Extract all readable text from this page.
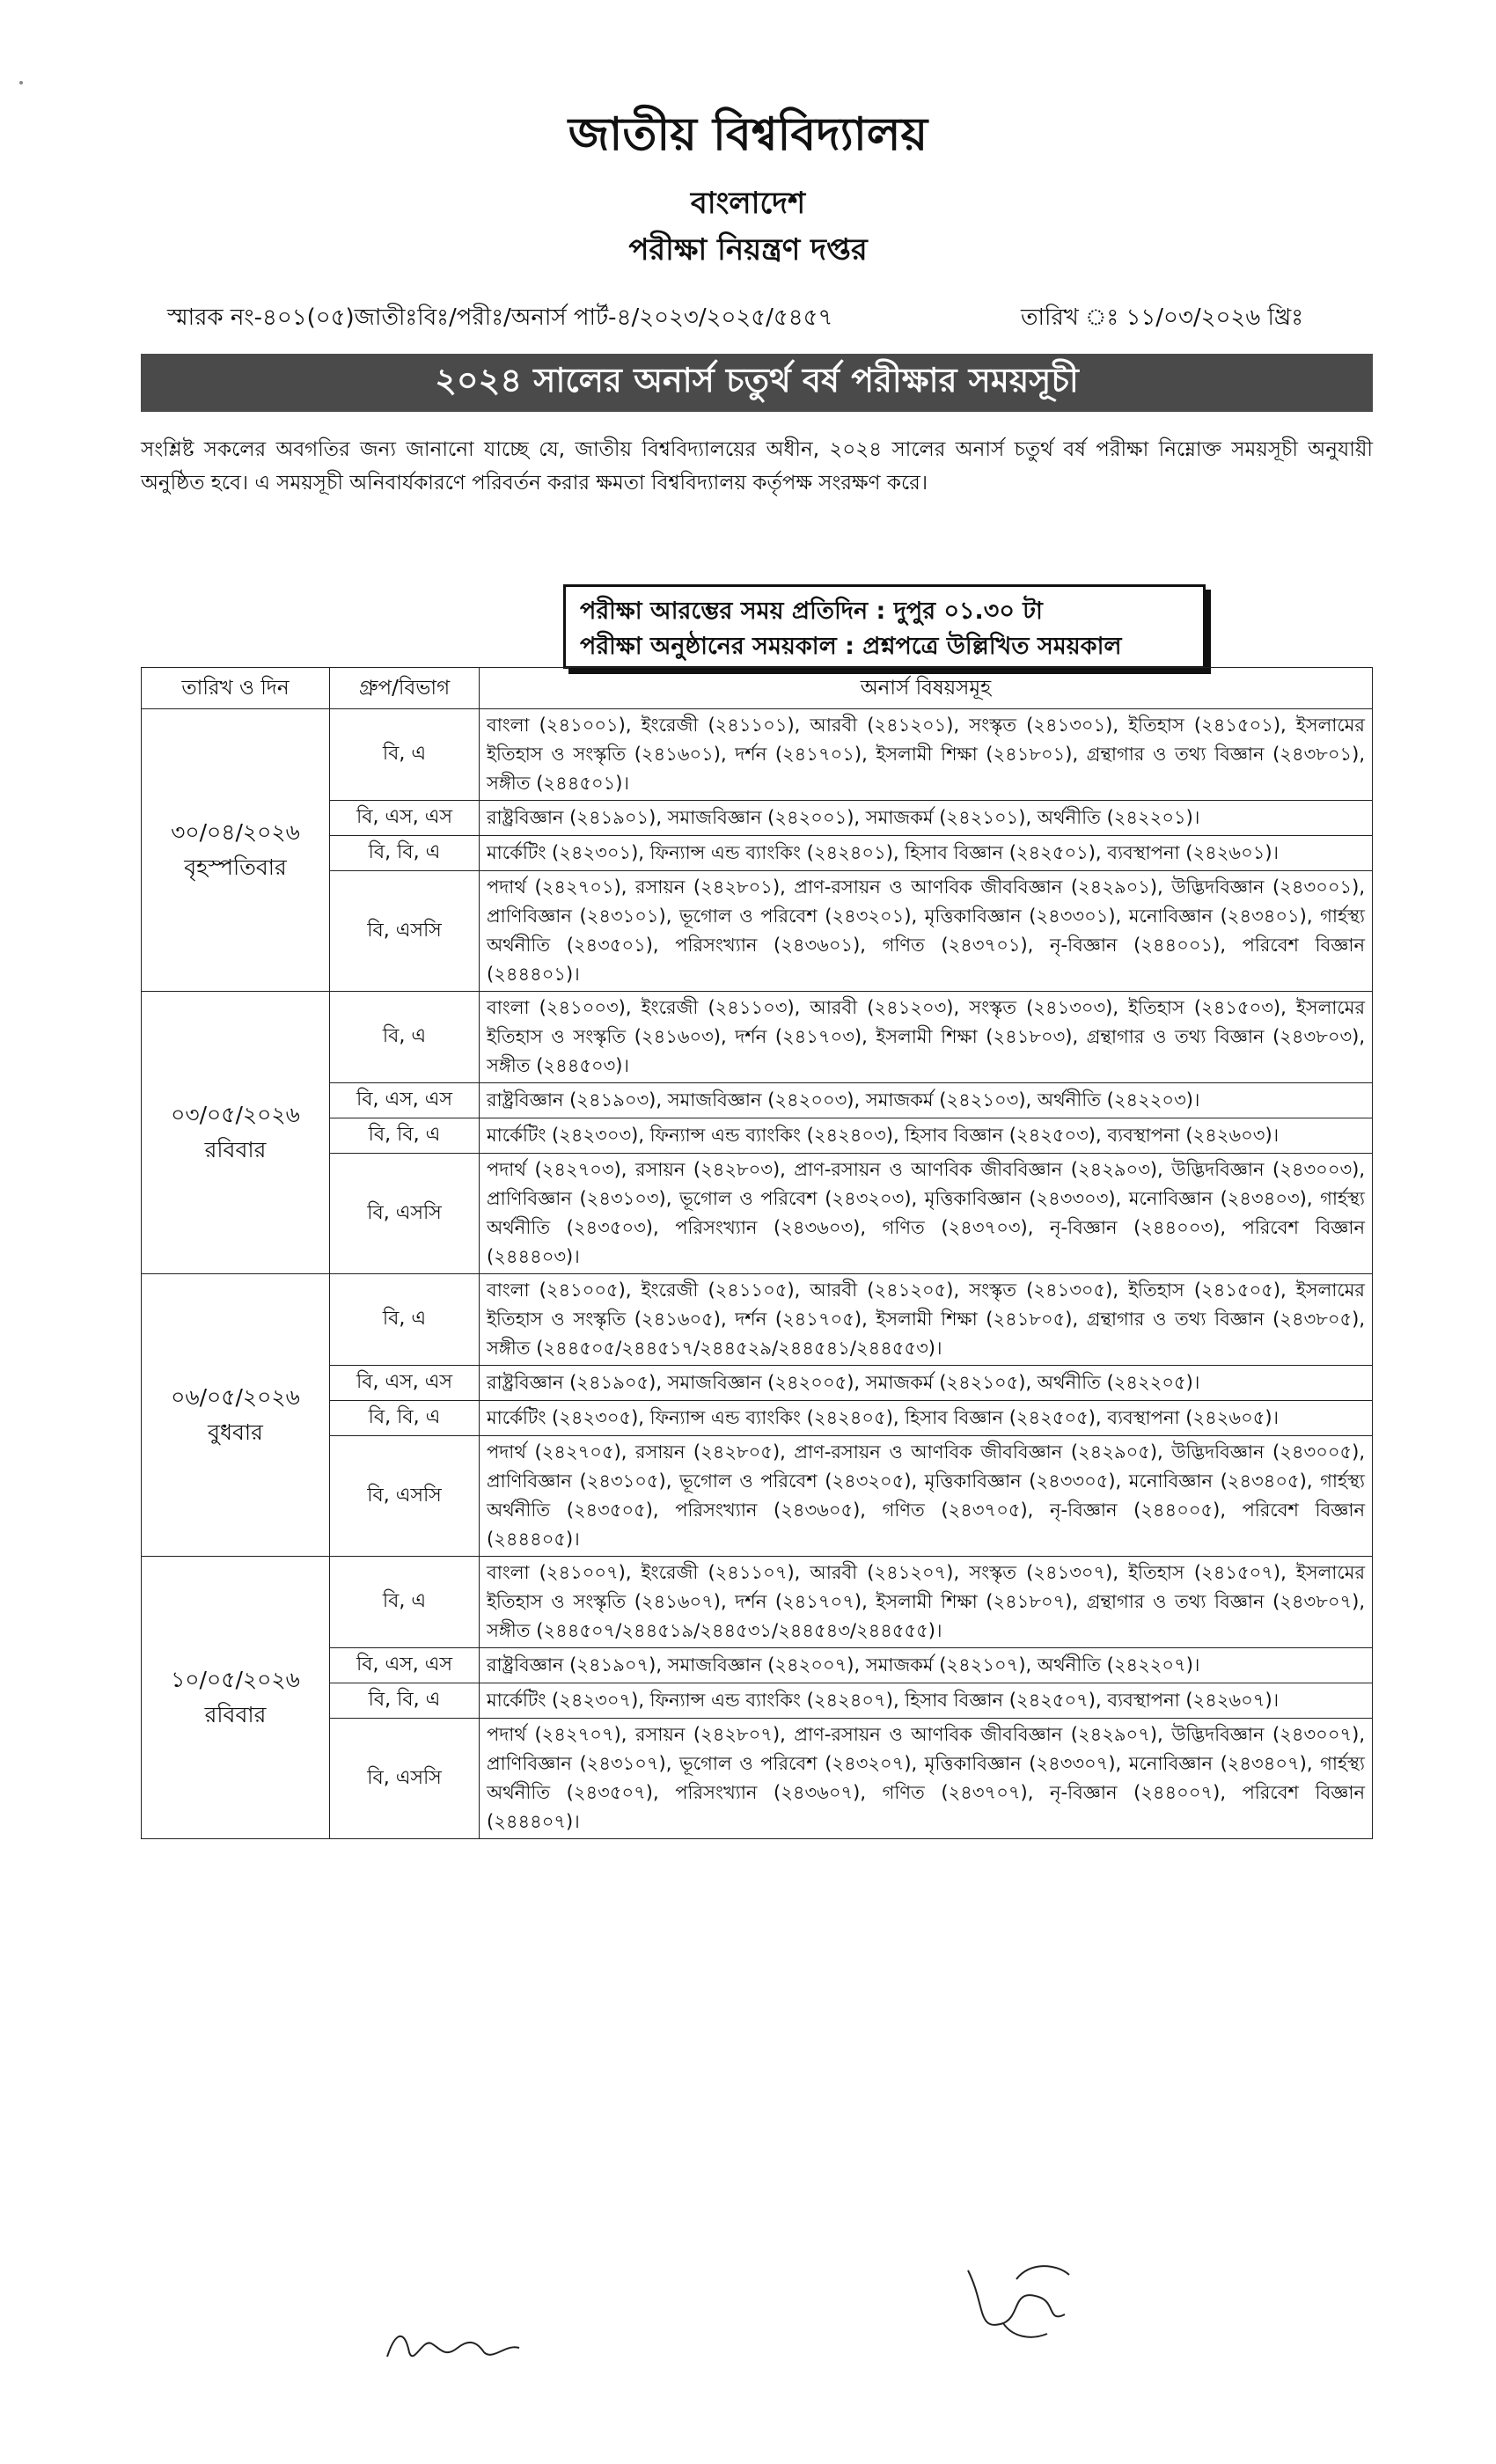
জাতীয় বিশ্ববিদ্যালয়
বাংলাদেশ
পরীক্ষা নিয়ন্ত্রণ দপ্তর
স্মারক নং-৪০১(০৫)জাতীঃবিঃ/পরীঃ/অনার্স পার্ট-৪/২০২৩/২০২৫/৫৪৫৭	তারিখ ঃ ১১/০৩/২০২৬ খ্রিঃ
২০২৪ সালের অনার্স চতুর্থ বর্ষ পরীক্ষার সময়সূচী
সংশ্লিষ্ট সকলের অবগতির জন্য জানানো যাচ্ছে যে, জাতীয় বিশ্ববিদ্যালয়ের অধীন, ২০২৪ সালের অনার্স চতুর্থ বর্ষ পরীক্ষা নিম্নোক্ত সময়সূচী অনুযায়ী অনুষ্ঠিত হবে। এ সময়সূচী অনিবার্যকারণে পরিবর্তন করার ক্ষমতা বিশ্ববিদ্যালয় কর্তৃপক্ষ সংরক্ষণ করে।
পরীক্ষা আরম্ভের সময় প্রতিদিন : দুপুর ০১.৩০ টা
পরীক্ষা অনুষ্ঠানের সময়কাল : প্রশ্নপত্রে উল্লিখিত সময়কাল
তারিখ ও দিন	গ্রুপ/বিভাগ	অনার্স বিষয়সমূহ

৩০/০৪/২০২৬
বৃহস্পতিবার	বি, এ	বাংলা (২৪১০০১), ইংরেজী (২৪১১০১), আরবী (২৪১২০১), সংস্কৃত (২৪১৩০১), ইতিহাস (২৪১৫০১), ইসলামের ইতিহাস ও সংস্কৃতি (২৪১৬০১), দর্শন (২৪১৭০১), ইসলামী শিক্ষা (২৪১৮০১), গ্রন্থাগার ও তথ্য বিজ্ঞান (২৪৩৮০১), সঙ্গীত (২৪৪৫০১)।
	বি, এস, এস	রাষ্ট্রবিজ্ঞান (২৪১৯০১), সমাজবিজ্ঞান (২৪২০০১), সমাজকর্ম (২৪২১০১), অর্থনীতি (২৪২২০১)।
	বি, বি, এ	মার্কেটিং (২৪২৩০১), ফিন্যান্স এন্ড ব্যাংকিং (২৪২৪০১), হিসাব বিজ্ঞান (২৪২৫০১), ব্যবস্থাপনা (২৪২৬০১)।
	বি, এসসি	পদার্থ (২৪২৭০১), রসায়ন (২৪২৮০১), প্রাণ-রসায়ন ও আণবিক জীববিজ্ঞান (২৪২৯০১), উদ্ভিদবিজ্ঞান (২৪৩০০১), প্রাণিবিজ্ঞান (২৪৩১০১), ভূগোল ও পরিবেশ (২৪৩২০১), মৃত্তিকাবিজ্ঞান (২৪৩৩০১), মনোবিজ্ঞান (২৪৩৪০১), গার্হস্থ্য অর্থনীতি (২৪৩৫০১), পরিসংখ্যান (২৪৩৬০১), গণিত (২৪৩৭০১), নৃ-বিজ্ঞান (২৪৪০০১), পরিবেশ বিজ্ঞান (২৪৪৪০১)।

০৩/০৫/২০২৬
রবিবার	বি, এ	বাংলা (২৪১০০৩), ইংরেজী (২৪১১০৩), আরবী (২৪১২০৩), সংস্কৃত (২৪১৩০৩), ইতিহাস (২৪১৫০৩), ইসলামের ইতিহাস ও সংস্কৃতি (২৪১৬০৩), দর্শন (২৪১৭০৩), ইসলামী শিক্ষা (২৪১৮০৩), গ্রন্থাগার ও তথ্য বিজ্ঞান (২৪৩৮০৩), সঙ্গীত (২৪৪৫০৩)।
	বি, এস, এস	রাষ্ট্রবিজ্ঞান (২৪১৯০৩), সমাজবিজ্ঞান (২৪২০০৩), সমাজকর্ম (২৪২১০৩), অর্থনীতি (২৪২২০৩)।
	বি, বি, এ	মার্কেটিং (২৪২৩০৩), ফিন্যান্স এন্ড ব্যাংকিং (২৪২৪০৩), হিসাব বিজ্ঞান (২৪২৫০৩), ব্যবস্থাপনা (২৪২৬০৩)।
	বি, এসসি	পদার্থ (২৪২৭০৩), রসায়ন (২৪২৮০৩), প্রাণ-রসায়ন ও আণবিক জীববিজ্ঞান (২৪২৯০৩), উদ্ভিদবিজ্ঞান (২৪৩০০৩), প্রাণিবিজ্ঞান (২৪৩১০৩), ভূগোল ও পরিবেশ (২৪৩২০৩), মৃত্তিকাবিজ্ঞান (২৪৩৩০৩), মনোবিজ্ঞান (২৪৩৪০৩), গার্হস্থ্য অর্থনীতি (২৪৩৫০৩), পরিসংখ্যান (২৪৩৬০৩), গণিত (২৪৩৭০৩), নৃ-বিজ্ঞান (২৪৪০০৩), পরিবেশ বিজ্ঞান (২৪৪৪০৩)।

০৬/০৫/২০২৬
বুধবার	বি, এ	বাংলা (২৪১০০৫), ইংরেজী (২৪১১০৫), আরবী (২৪১২০৫), সংস্কৃত (২৪১৩০৫), ইতিহাস (২৪১৫০৫), ইসলামের ইতিহাস ও সংস্কৃতি (২৪১৬০৫), দর্শন (২৪১৭০৫), ইসলামী শিক্ষা (২৪১৮০৫), গ্রন্থাগার ও তথ্য বিজ্ঞান (২৪৩৮০৫), সঙ্গীত (২৪৪৫০৫/২৪৪৫১৭/২৪৪৫২৯/২৪৪৫৪১/২৪৪৫৫৩)।
	বি, এস, এস	রাষ্ট্রবিজ্ঞান (২৪১৯০৫), সমাজবিজ্ঞান (২৪২০০৫), সমাজকর্ম (২৪২১০৫), অর্থনীতি (২৪২২০৫)।
	বি, বি, এ	মার্কেটিং (২৪২৩০৫), ফিন্যান্স এন্ড ব্যাংকিং (২৪২৪০৫), হিসাব বিজ্ঞান (২৪২৫০৫), ব্যবস্থাপনা (২৪২৬০৫)।
	বি, এসসি	পদার্থ (২৪২৭০৫), রসায়ন (২৪২৮০৫), প্রাণ-রসায়ন ও আণবিক জীববিজ্ঞান (২৪২৯০৫), উদ্ভিদবিজ্ঞান (২৪৩০০৫), প্রাণিবিজ্ঞান (২৪৩১০৫), ভূগোল ও পরিবেশ (২৪৩২০৫), মৃত্তিকাবিজ্ঞান (২৪৩৩০৫), মনোবিজ্ঞান (২৪৩৪০৫), গার্হস্থ্য অর্থনীতি (২৪৩৫০৫), পরিসংখ্যান (২৪৩৬০৫), গণিত (২৪৩৭০৫), নৃ-বিজ্ঞান (২৪৪০০৫), পরিবেশ বিজ্ঞান (২৪৪৪০৫)।

১০/০৫/২০২৬
রবিবার	বি, এ	বাংলা (২৪১০০৭), ইংরেজী (২৪১১০৭), আরবী (২৪১২০৭), সংস্কৃত (২৪১৩০৭), ইতিহাস (২৪১৫০৭), ইসলামের ইতিহাস ও সংস্কৃতি (২৪১৬০৭), দর্শন (২৪১৭০৭), ইসলামী শিক্ষা (২৪১৮০৭), গ্রন্থাগার ও তথ্য বিজ্ঞান (২৪৩৮০৭), সঙ্গীত (২৪৪৫০৭/২৪৪৫১৯/২৪৪৫৩১/২৪৪৫৪৩/২৪৪৫৫৫)।
	বি, এস, এস	রাষ্ট্রবিজ্ঞান (২৪১৯০৭), সমাজবিজ্ঞান (২৪২০০৭), সমাজকর্ম (২৪২১০৭), অর্থনীতি (২৪২২০৭)।
	বি, বি, এ	মার্কেটিং (২৪২৩০৭), ফিন্যান্স এন্ড ব্যাংকিং (২৪২৪০৭), হিসাব বিজ্ঞান (২৪২৫০৭), ব্যবস্থাপনা (২৪২৬০৭)।
	বি, এসসি	পদার্থ (২৪২৭০৭), রসায়ন (২৪২৮০৭), প্রাণ-রসায়ন ও আণবিক জীববিজ্ঞান (২৪২৯০৭), উদ্ভিদবিজ্ঞান (২৪৩০০৭), প্রাণিবিজ্ঞান (২৪৩১০৭), ভূগোল ও পরিবেশ (২৪৩২০৭), মৃত্তিকাবিজ্ঞান (২৪৩৩০৭), মনোবিজ্ঞান (২৪৩৪০৭), গার্হস্থ্য অর্থনীতি (২৪৩৫০৭), পরিসংখ্যান (২৪৩৬০৭), গণিত (২৪৩৭০৭), নৃ-বিজ্ঞান (২৪৪০০৭), পরিবেশ বিজ্ঞান (২৪৪৪০৭)।
